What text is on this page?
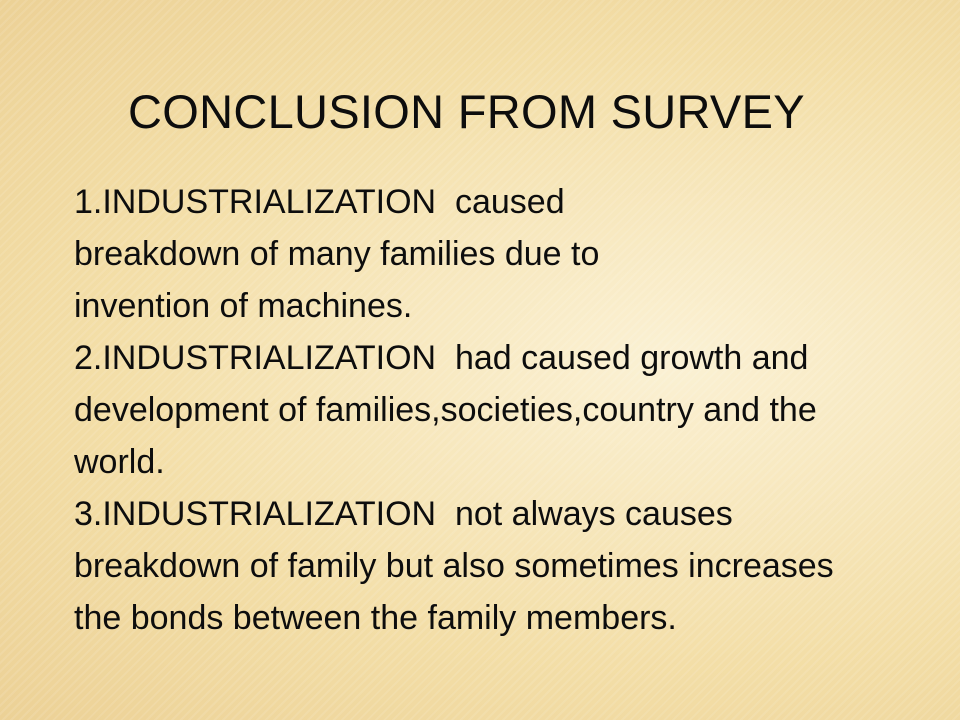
CONCLUSION FROM SURVEY
1.INDUSTRIALIZATION  caused breakdown of many families due to invention of machines.
2.INDUSTRIALIZATION  had caused growth and development of families,societies,country and the world.
3.INDUSTRIALIZATION  not always causes breakdown of family but also sometimes increases the bonds between the family members.
